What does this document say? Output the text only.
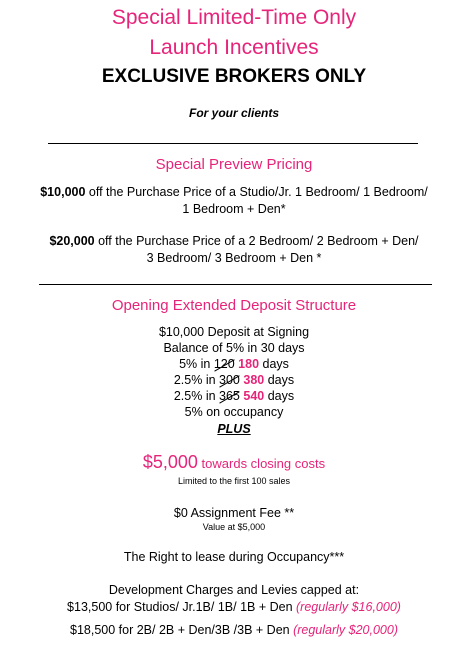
Special Limited-Time Only
Launch Incentives
EXCLUSIVE BROKERS ONLY
For your clients
Special Preview Pricing
$10,000 off the Purchase Price of a Studio/Jr. 1 Bedroom/ 1 Bedroom/
1 Bedroom + Den*
$20,000 off the Purchase Price of a 2 Bedroom/ 2 Bedroom + Den/
3 Bedroom/ 3 Bedroom + Den *
Opening Extended Deposit Structure
$10,000 Deposit at Signing
Balance of 5% in 30 days
5% in 120 180 days
2.5% in 300 380 days
2.5% in 365 540 days
5% on occupancy
PLUS
$5,000 towards closing costs
Limited to the first 100 sales
$0 Assignment Fee **
Value at $5,000
The Right to lease during Occupancy***
Development Charges and Levies capped at:
$13,500 for Studios/ Jr.1B/ 1B/ 1B + Den (regularly $16,000)
$18,500 for 2B/ 2B + Den/3B /3B + Den (regularly $20,000)
